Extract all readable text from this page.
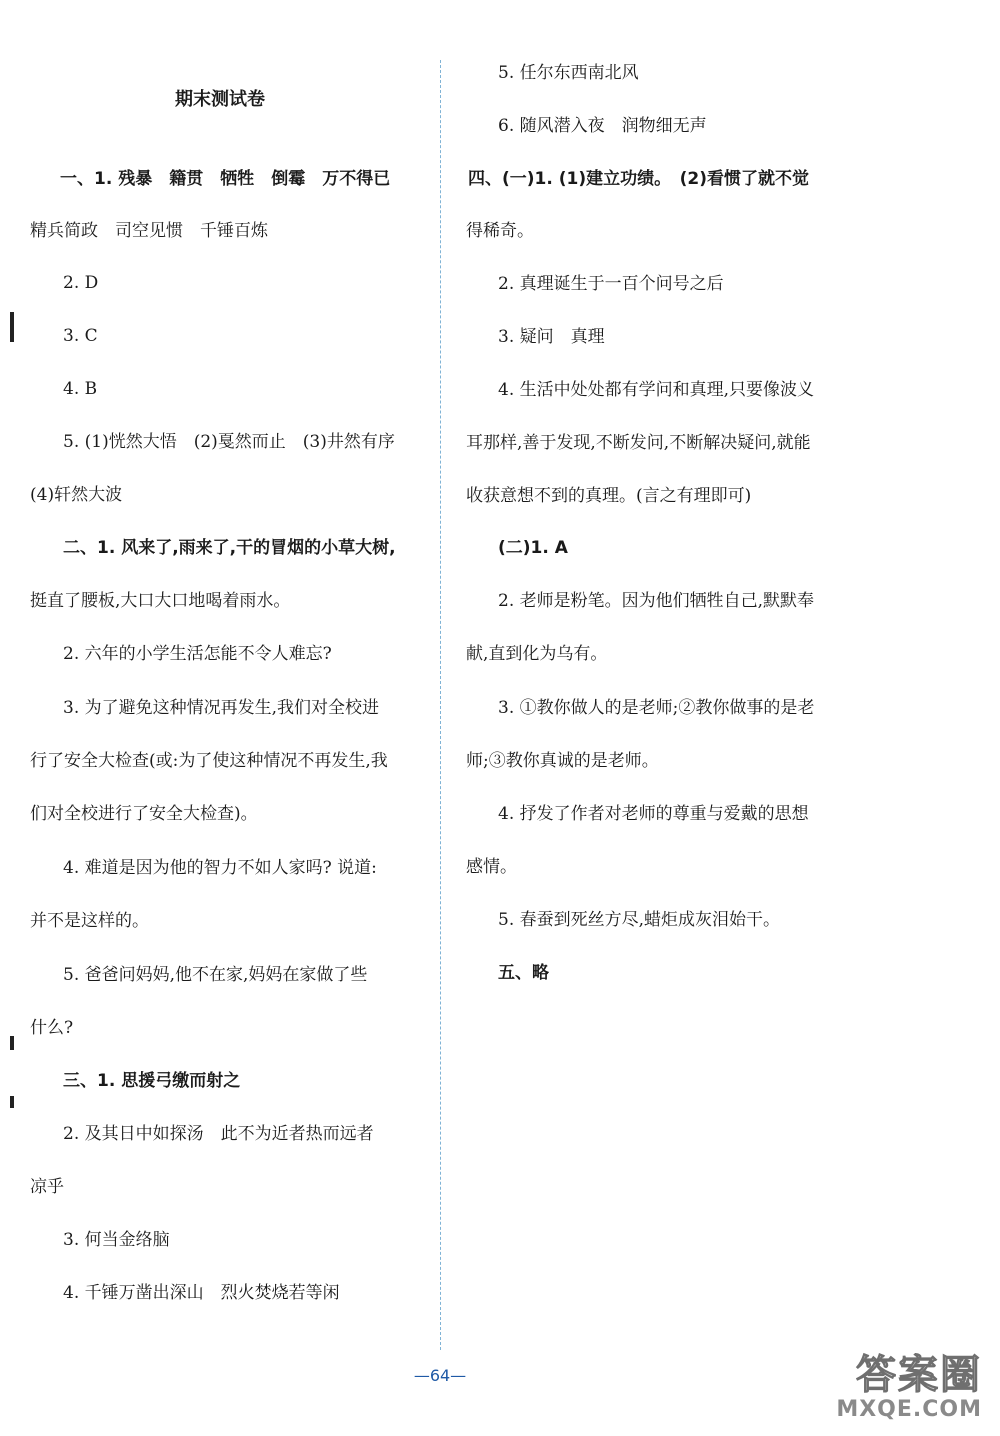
期末测试卷
一、1. 残暴　籍贯　牺牲　倒霉　万不得已
精兵简政　司空见惯　千锤百炼
2. D
3. C
4. B
5. (1)恍然大悟　(2)戛然而止　(3)井然有序
(4)轩然大波
二、1. 风来了,雨来了,干的冒烟的小草大树,
挺直了腰板,大口大口地喝着雨水。
2. 六年的小学生活怎能不令人难忘?
3. 为了避免这种情况再发生,我们对全校进
行了安全大检查(或:为了使这种情况不再发生,我
们对全校进行了安全大检查)。
4. 难道是因为他的智力不如人家吗? 说道:
并不是这样的。
5. 爸爸问妈妈,他不在家,妈妈在家做了些
什么?
三、1. 思援弓缴而射之
2. 及其日中如探汤　此不为近者热而远者
凉乎
3. 何当金络脑
4. 千锤万凿出深山　烈火焚烧若等闲
5. 任尔东西南北风
6. 随风潜入夜　润物细无声
四、(一)1. (1)建立功绩。　(2)看惯了就不觉
得稀奇。
2. 真理诞生于一百个问号之后
3. 疑问　真理
4. 生活中处处都有学问和真理,只要像波义
耳那样,善于发现,不断发问,不断解决疑问,就能
收获意想不到的真理。(言之有理即可)
(二)1. A
2. 老师是粉笔。因为他们牺牲自己,默默奉
献,直到化为乌有。
3. ①教你做人的是老师;②教你做事的是老
师;③教你真诚的是老师。
4. 抒发了作者对老师的尊重与爱戴的思想
感情。
5. 春蚕到死丝方尽,蜡炬成灰泪始干。
五、略
—64—	答案圈
MXQE.COM
